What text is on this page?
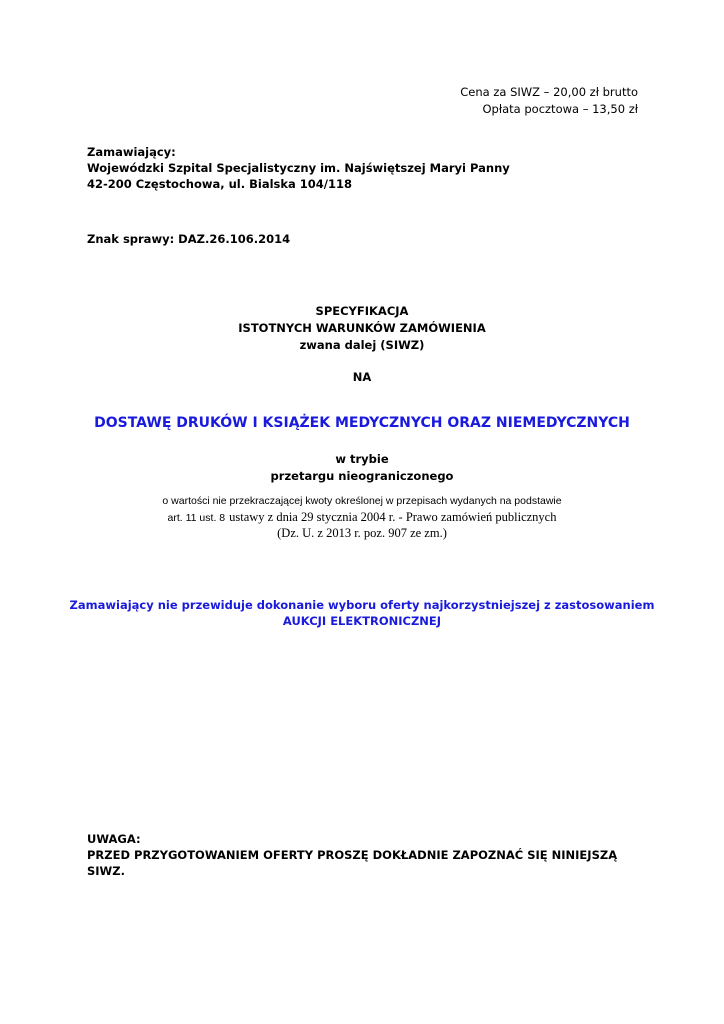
Cena za SIWZ – 20,00 zł brutto
Opłata pocztowa – 13,50 zł
Zamawiający:
Wojewódzki Szpital Specjalistyczny im. Najświętszej Maryi Panny
42-200 Częstochowa, ul. Bialska 104/118
Znak sprawy: DAZ.26.106.2014
SPECYFIKACJA
ISTOTNYCH WARUNKÓW ZAMÓWIENIA
zwana dalej (SIWZ)
NA
DOSTAWĘ DRUKÓW I KSIĄŻEK MEDYCZNYCH ORAZ NIEMEDYCZNYCH
w trybie
przetargu nieograniczonego
o wartości nie przekraczającej kwoty określonej w przepisach wydanych na podstawie
art. 11 ust. 8 ustawy z dnia 29 stycznia 2004 r. - Prawo zamówień publicznych
(Dz. U. z 2013 r. poz. 907 ze zm.)
Zamawiający nie przewiduje dokonanie wyboru oferty najkorzystniejszej z zastosowaniem
AUKCJI ELEKTRONICZNEJ
UWAGA:
PRZED PRZYGOTOWANIEM OFERTY PROSZĘ DOKŁADNIE ZAPOZNAĆ SIĘ NINIEJSZĄ
SIWZ.
